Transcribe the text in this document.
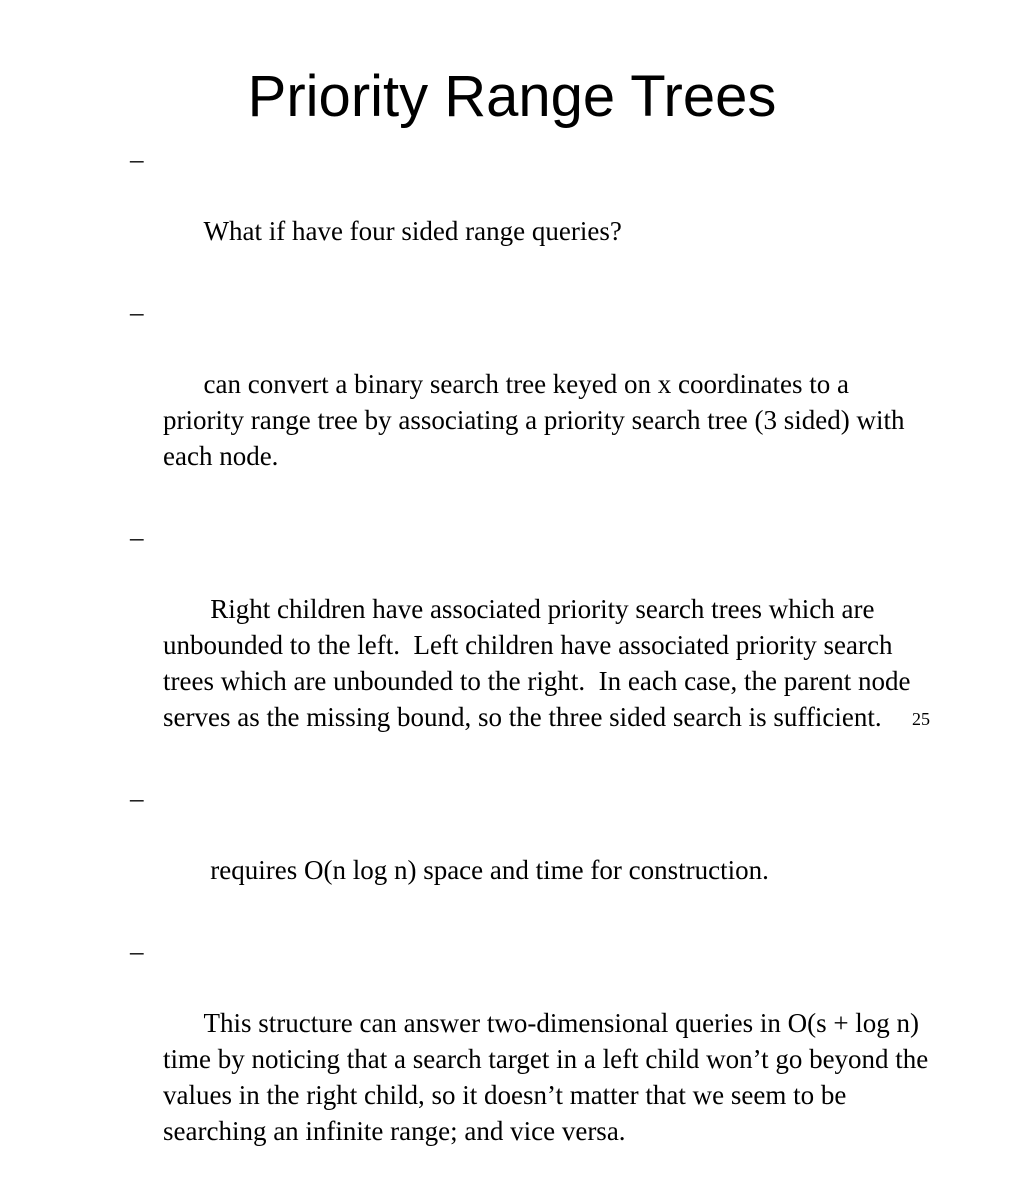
Priority Range Trees

–

What if have four sided range queries?

–

can convert a binary search tree keyed on x coordinates to a priority range tree by associating a priority search tree (3 sided) with each node.

–

Right children have associated priority search trees which are unbounded to the left.  Left children have associated priority search trees which are unbounded to the right.  In each case, the parent node serves as the missing bound, so the three sided search is sufficient.

–

requires O(n log n) space and time for construction.

–

This structure can answer two-dimensional queries in O(s + log n) time by noticing that a search target in a left child won’t go beyond the values in the right child, so it doesn’t matter that we seem to be searching an infinite range; and vice versa.

25
